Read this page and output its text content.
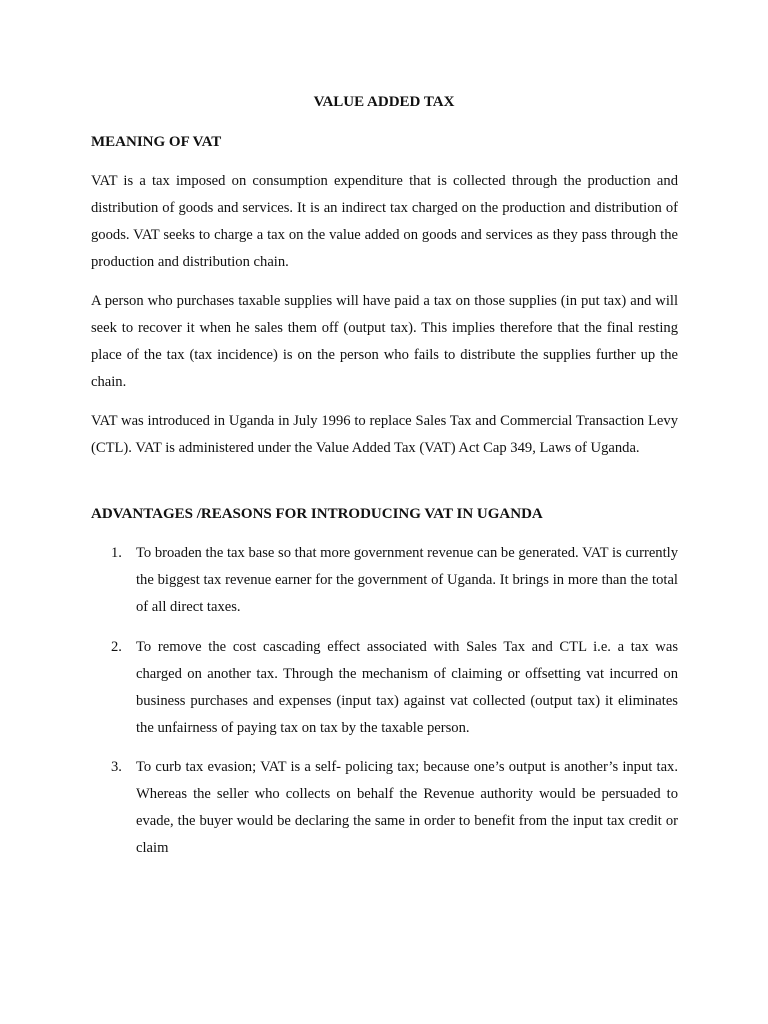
VALUE ADDED TAX
MEANING OF VAT

VAT is a tax imposed on consumption expenditure that is collected through the production and distribution of goods and services. It is an indirect tax charged on the production and distribution of goods. VAT seeks to charge a tax on the value added on goods and services as they pass through the production and distribution chain.

A person who purchases taxable supplies will have paid a tax on those supplies (in put tax) and will seek to recover it when he sales them off (output tax). This implies therefore that the final resting place of the tax (tax incidence) is on the person who fails to distribute the supplies further up the chain.

VAT was introduced in Uganda in July 1996 to replace Sales Tax and Commercial Transaction Levy (CTL). VAT is administered under the Value Added Tax (VAT) Act Cap 349, Laws of Uganda.

ADVANTAGES /REASONS FOR INTRODUCING VAT IN UGANDA
1. To broaden the tax base so that more government revenue can be generated. VAT is currently the biggest tax revenue earner for the government of Uganda. It brings in more than the total of all direct taxes.

2. To remove the cost cascading effect associated with Sales Tax and CTL i.e. a tax was charged on another tax. Through the mechanism of claiming or offsetting vat incurred on business purchases and expenses (input tax) against vat collected (output tax) it eliminates the unfairness of paying tax on tax by the taxable person.

3. To curb tax evasion; VAT is a self- policing tax; because one’s output is another’s input tax. Whereas the seller who collects on behalf the Revenue authority would be persuaded to evade, the buyer would be declaring the same in order to benefit from the input tax credit or claim
